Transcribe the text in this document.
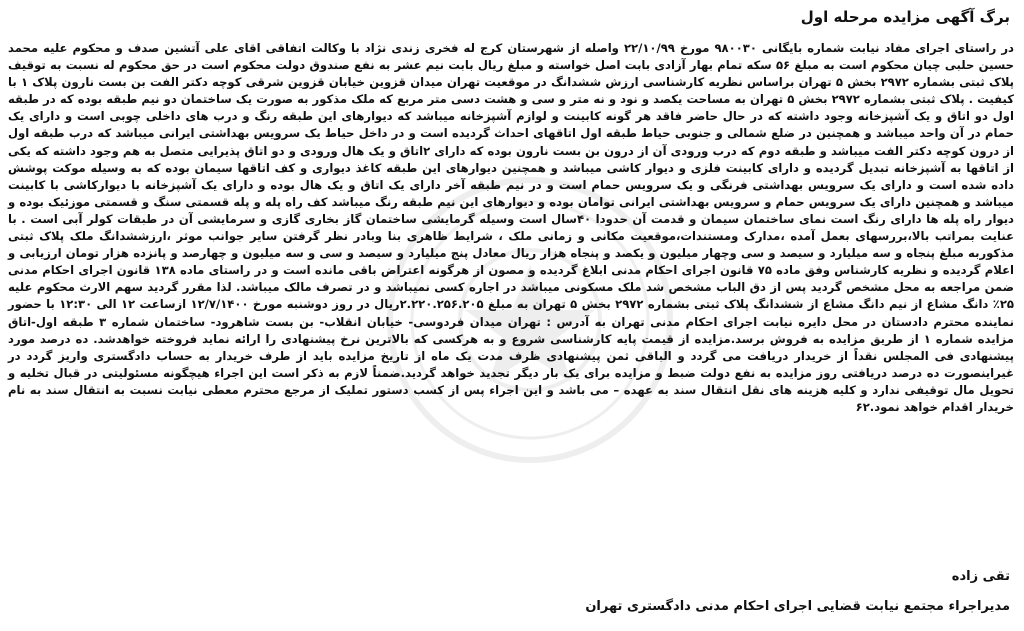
برگ آگهی مزایده مرحله اول

در راستای اجرای مفاد نیابت شماره بایگانی ۹۸۰۰۳۰ مورخ ۲۲/۱۰/۹۹ واصله از شهرستان کرج له فخری زندی نژاد با وکالت اتفاقی اقای علی آتشین صدف و محکوم علیه محمد حسین حلبی چیان محکوم است به مبلغ ۵۶ سکه تمام بهار آزادی بابت اصل خواسته و مبلغ ریال بابت نیم عشر به نفع صندوق دولت محکوم است در حق محکوم له نسبت به توقیف پلاک ثبتی بشماره ۲۹۷۲ بخش ۵ تهران براساس نظریه کارشناسی ارزش ششدانگ در موقعیت تهران میدان قزوین خیابان قزوین شرقی کوچه دکتر الفت بن بست نارون پلاک ۱ با کیفیت . پلاک ثبتی بشماره ۲۹۷۲ بخش ۵ تهران به مساحت یکصد و نود و نه متر و سی و هشت دسی متر مربع که ملک مذکور به صورت یک ساختمان دو نیم طبقه بوده که در طبقه اول دو اتاق و یک آشپزخانه وجود داشته که در حال حاضر فاقد هر گونه کابینت و لوازم آشپزخانه میباشد که دیوارهای این طبقه رنگ و درب های داخلی چوبی است و دارای یک حمام در آن واحد میباشد و همچنین در ضلع شمالی و جنوبی حیاط طبقه اول اتاقهای احداث گردیده است و در داخل حیاط یک سرویس بهداشتی ایرانی میباشد که درب طبقه اول از درون کوچه دکتر الفت میباشد و طبقه دوم که درب ورودی آن از درون بن بست نارون بوده که دارای ۲اتاق و یک هال ورودی و دو اتاق پذیرایی متصل به هم وجود داشته که یکی از اتاقها به آشپزخانه تبدیل گردیده و دارای کابینت فلزی و دیوار کاشی میباشد و همچنین دیوارهای این طبقه کاغذ دیواری و کف اتاقها سیمان بوده که به وسیله موکت پوشش داده شده است و دارای یک سرویس بهداشتی فرنگی و یک سرویس حمام است و در نیم طبقه آخر دارای یک اتاق و یک هال بوده و دارای یک آشپزخانه با دیوارکاشی با کابینت میباشد و همچنین دارای یک سرویس حمام و سرویس بهداشتی ایرانی توامان بوده و دیوارهای این نیم طبقه رنگ میباشد کف راه پله و پله قسمتی سنگ و قسمتی موزئیک بوده و دیوار راه پله ها دارای رنگ است نمای ساختمان سیمان و قدمت آن حدودا ۴۰سال است وسیله گرمایشی ساختمان گاز بخاری گازی و سرمایشی آن در طبقات کولر آبی است . با عنایت بمراتب بالا،بررسهای بعمل آمده ،مدارک ومستندات،موقعیت مکانی و زمانی ملک ، شرایط ظاهری بنا وبادر نظر گرفتن سایر جوانب موثر ،ارزششدانگ ملک پلاک ثبتی مذکوربه مبلغ پنجاه و سه میلیارد و سیصد و سی وچهار میلیون و یکصد و پنجاه هزار ریال معادل پنج میلیارد و سیصد و سی و سه میلیون و چهارصد و پانزده هزار تومان ارزیابی و اعلام گردیده و نظریه کارشناس وفق ماده ۷۵ قانون اجرای احکام مدنی ابلاغ گردیده و مصون از هرگونه اعتراض باقی مانده است و در راستای ماده ۱۳۸ قانون اجرای احکام مدنی ضمن مراجعه به محل مشخص گردید پس از دق الباب مشخص شد ملک مسکونی میباشد در اجاره کسی نمیباشد و در تصرف مالک میباشد. لذا مقرر گردید سهم الارث محکوم علیه ۲۵٪ دانگ مشاع از نیم دانگ مشاع از ششدانگ پلاک ثبتی بشماره ۲۹۷۲ بخش ۵ تهران به مبلغ ۲.۲۲۰.۲۵۶.۲۰۵ریال در روز دوشنبه مورخ ۱۲/۷/۱۴۰۰ ازساعت ۱۲ الی ۱۲:۳۰ با حضور نماینده محترم دادستان در محل دایره نیابت اجرای احکام مدنی تهران به آدرس : تهران میدان فردوسی- خیابان انقلاب- بن بست شاهرود- ساختمان شماره ۳ طبقه اول-اتاق مزایده شماره ۱ از طریق مزایده به فروش برسد.مزایده از قیمت پایه کارشناسی شروع و به هرکسی که بالاترین نرخ پیشنهادی را ارائه نماید فروخته خواهدشد. ده درصد مورد پیشنهادی فی المجلس نقداً از خریدار دریافت می گردد و الباقی ثمن پیشنهادی ظرف مدت یک ماه از تاریخ مزایده باید از طرف خریدار به حساب دادگستری واریز گردد در غیراینصورت ده درصد دریافتی روز مزایده به نفع دولت ضبط و مزایده برای یک بار دیگر تجدید خواهد گردید.ضمناً لازم به ذکر است این اجراء هیچگونه مسئولیتی در قبال تخلیه و تحویل مال توقیفی ندارد و کلیه هزینه های نقل انتقال سند به عهده – می باشد و این اجراء پس از کسب دستور تملیک از مرجع محترم معطی نیابت نسبت به انتقال سند به نام خریدار اقدام خواهد نمود.۶۲

تقی زاده

مدیراجراء مجتمع نیابت قضایی اجرای احکام مدنی دادگستری تهران
